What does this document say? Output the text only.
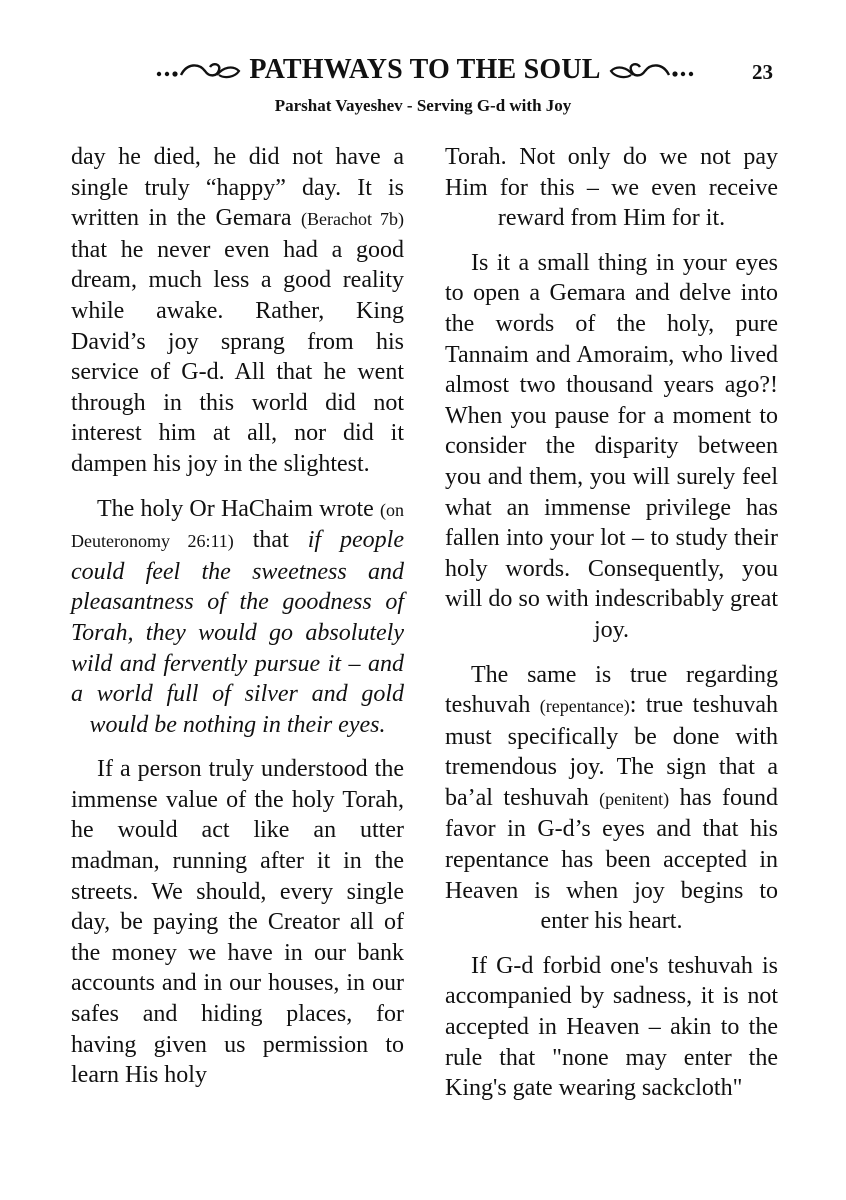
PATHWAYS TO THE SOUL	23
Parshat Vayeshev - Serving G-d with Joy

day he died, he did not have a single truly “happy” day. It is written in the Gemara (Berachot 7b) that he never even had a good dream, much less a good reality while awake. Rather, King David’s joy sprang from his service of G-d. All that he went through in this world did not interest him at all, nor did it dampen his joy in the slightest.

The holy Or HaChaim wrote (on Deuteronomy 26:11) that if people could feel the sweetness and pleasantness of the goodness of Torah, they would go absolutely wild and fervently pursue it – and a world full of silver and gold would be nothing in their eyes.

If a person truly understood the immense value of the holy Torah, he would act like an utter madman, running after it in the streets. We should, every single day, be paying the Creator all of the money we have in our bank accounts and in our houses, in our safes and hiding places, for having given us permission to learn His holy

Torah. Not only do we not pay Him for this – we even receive reward from Him for it.

Is it a small thing in your eyes to open a Gemara and delve into the words of the holy, pure Tannaim and Amoraim, who lived almost two thousand years ago?! When you pause for a moment to consider the disparity between you and them, you will surely feel what an immense privilege has fallen into your lot – to study their holy words. Consequently, you will do so with indescribably great joy.

The same is true regarding teshuvah (repentance): true teshuvah must specifically be done with tremendous joy. The sign that a ba’al teshuvah (penitent) has found favor in G-d’s eyes and that his repentance has been accepted in Heaven is when joy begins to enter his heart.

If G-d forbid one's teshuvah is accompanied by sadness, it is not accepted in Heaven – akin to the rule that "none may enter the King's gate wearing sackcloth"
